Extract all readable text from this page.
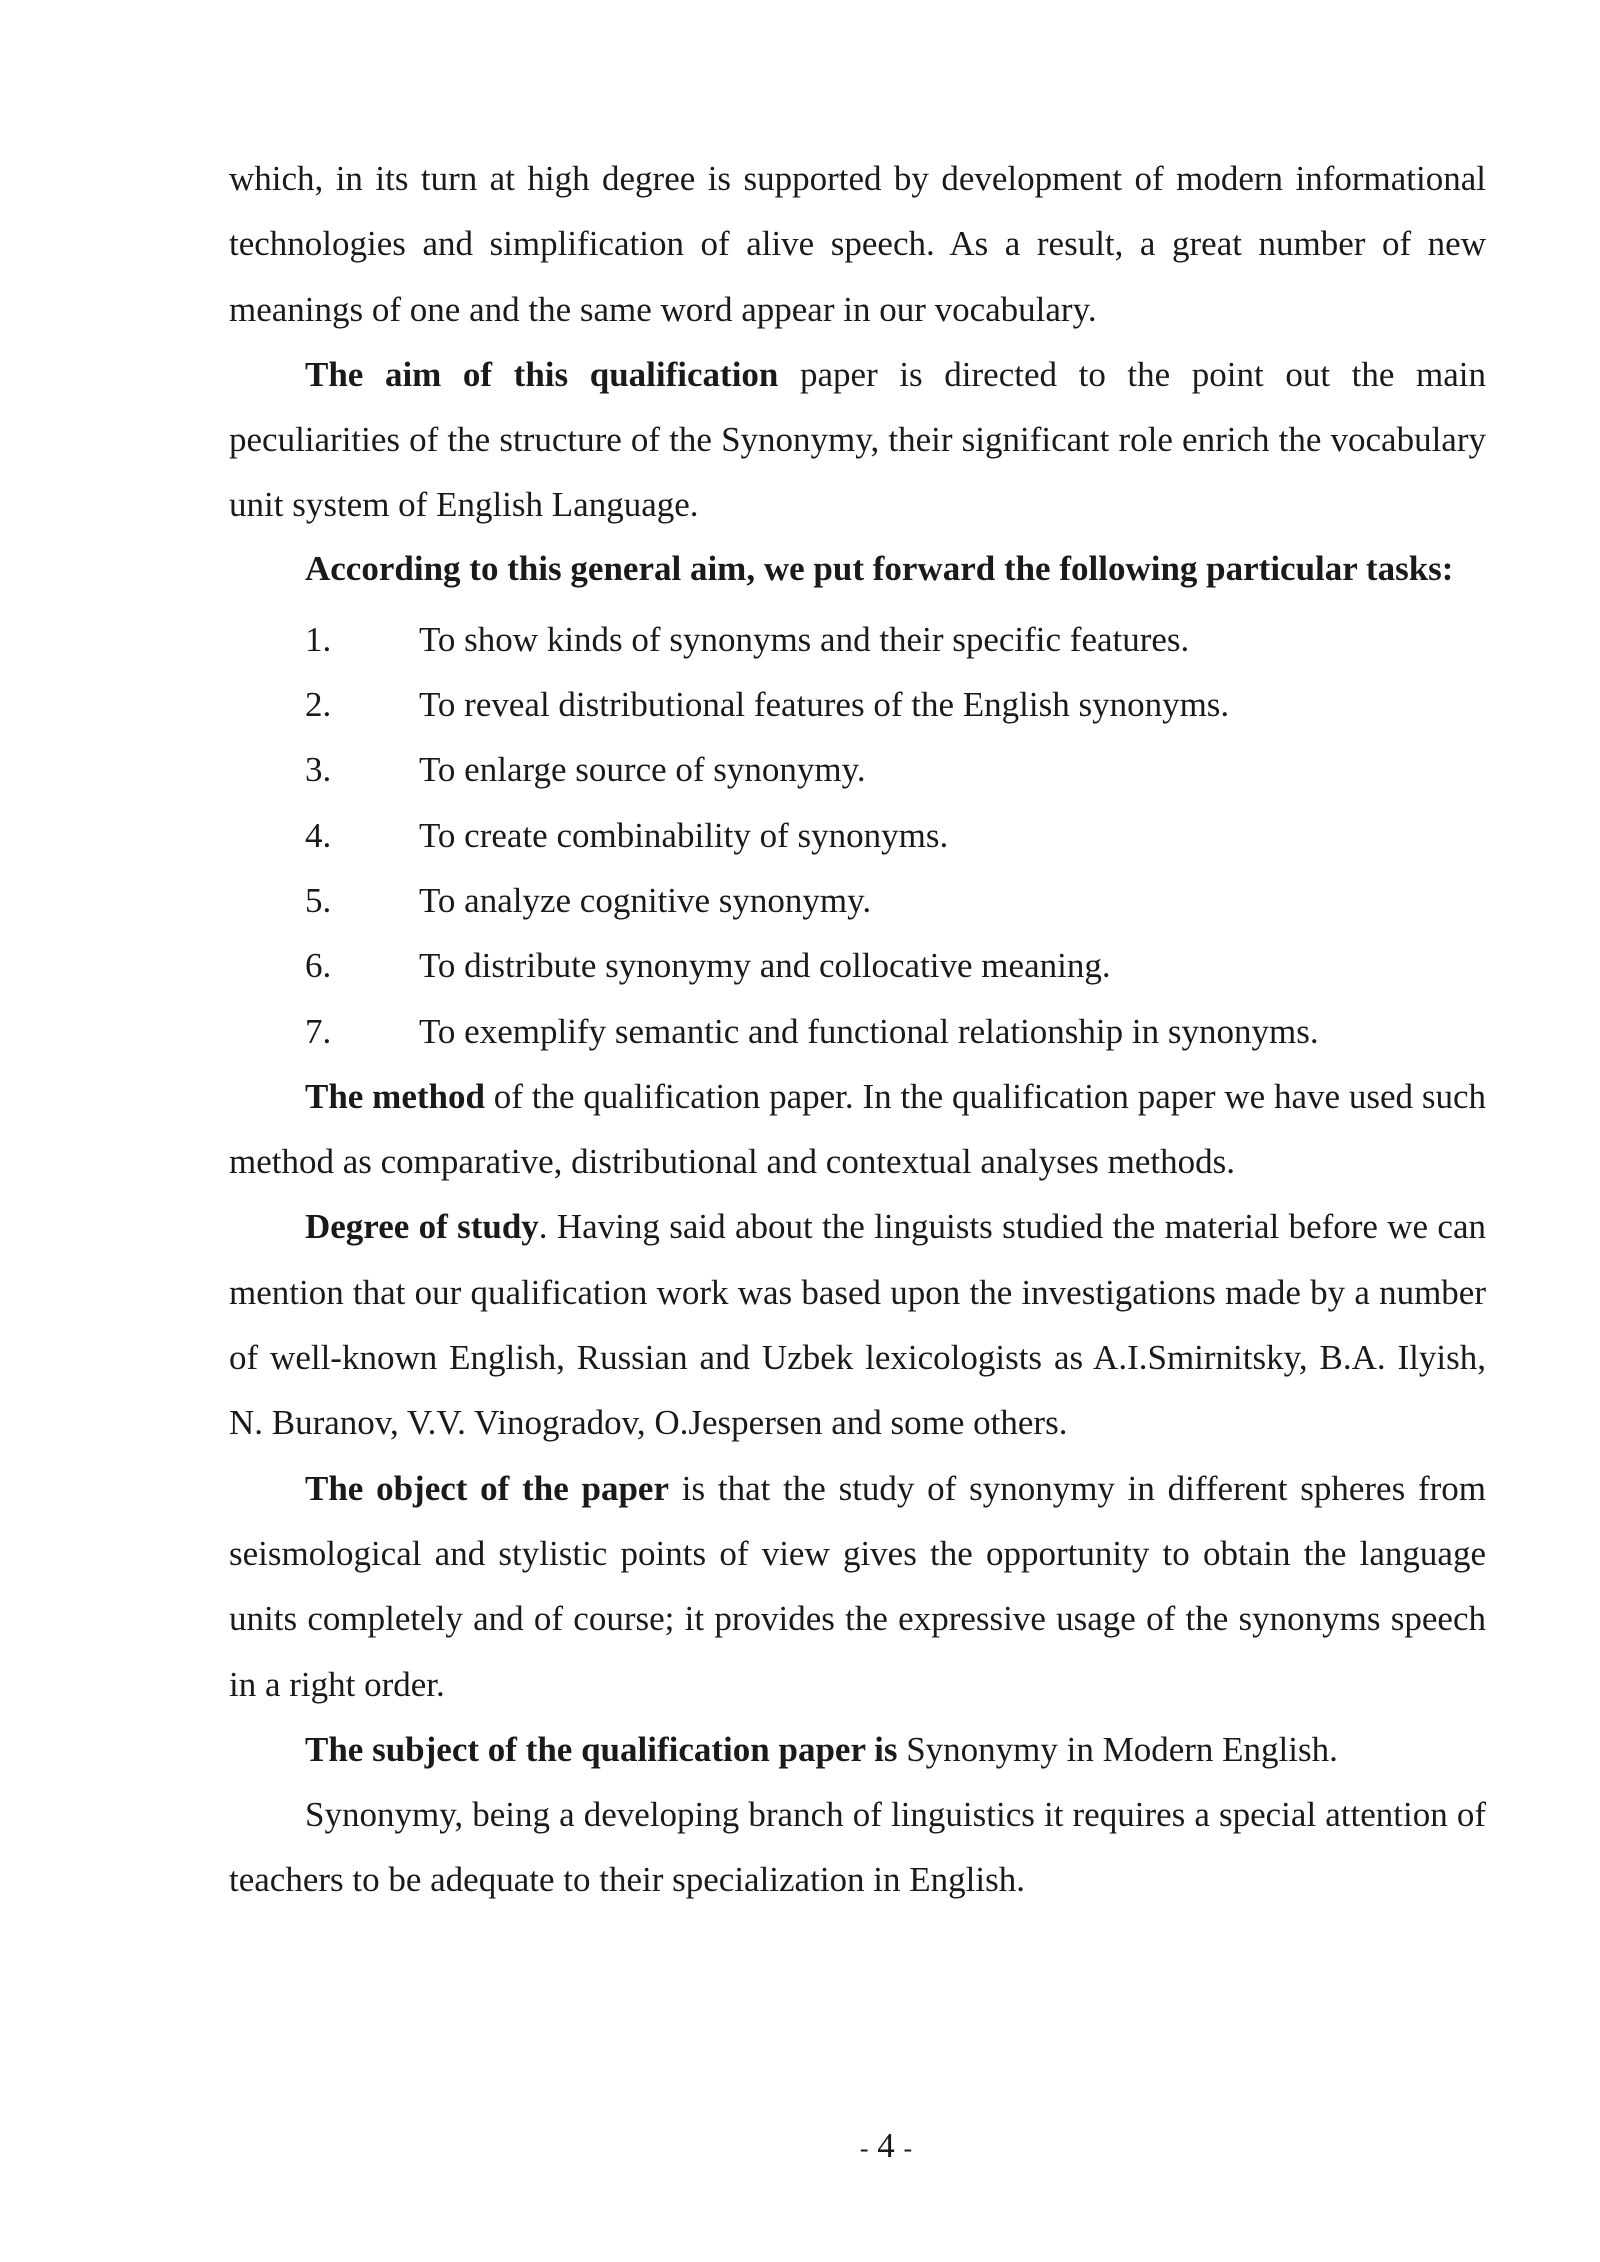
which, in its turn at high degree is supported by development of modern informational technologies and simplification of alive speech. As a result, a great number of new meanings of one and the same word appear in our vocabulary.

The aim of this qualification paper is directed to the point out the main peculiarities of the structure of the Synonymy, their significant role enrich the vocabulary unit system of English Language.

According to this general aim, we put forward the following particular tasks:

1.	To show kinds of synonyms and their specific features.
2.	To reveal distributional features of the English synonyms.
3.	To enlarge source of synonymy.
4.	To create combinability of synonyms.
5.	To analyze cognitive synonymy.
6.	To distribute synonymy and collocative meaning.
7.	To exemplify semantic and functional relationship in synonyms.

The method of the qualification paper. In the qualification paper we have used such method as comparative, distributional and contextual analyses methods.

Degree of study. Having said about the linguists studied the material before we can mention that our qualification work was based upon the investigations made by a number of well-known English, Russian and Uzbek lexicologists as A.I.Smirnitsky, B.A. Ilyish, N. Buranov, V.V. Vinogradov, O.Jespersen and some others.

The object of the paper is that the study of synonymy in different spheres from seismological and stylistic points of view gives the opportunity to obtain the language units completely and of course; it provides the expressive usage of the synonyms speech in a right order.

The subject of the qualification paper is Synonymy in Modern English.

Synonymy, being a developing branch of linguistics it requires a special attention of teachers to be adequate to their specialization in English.

- 4 -
